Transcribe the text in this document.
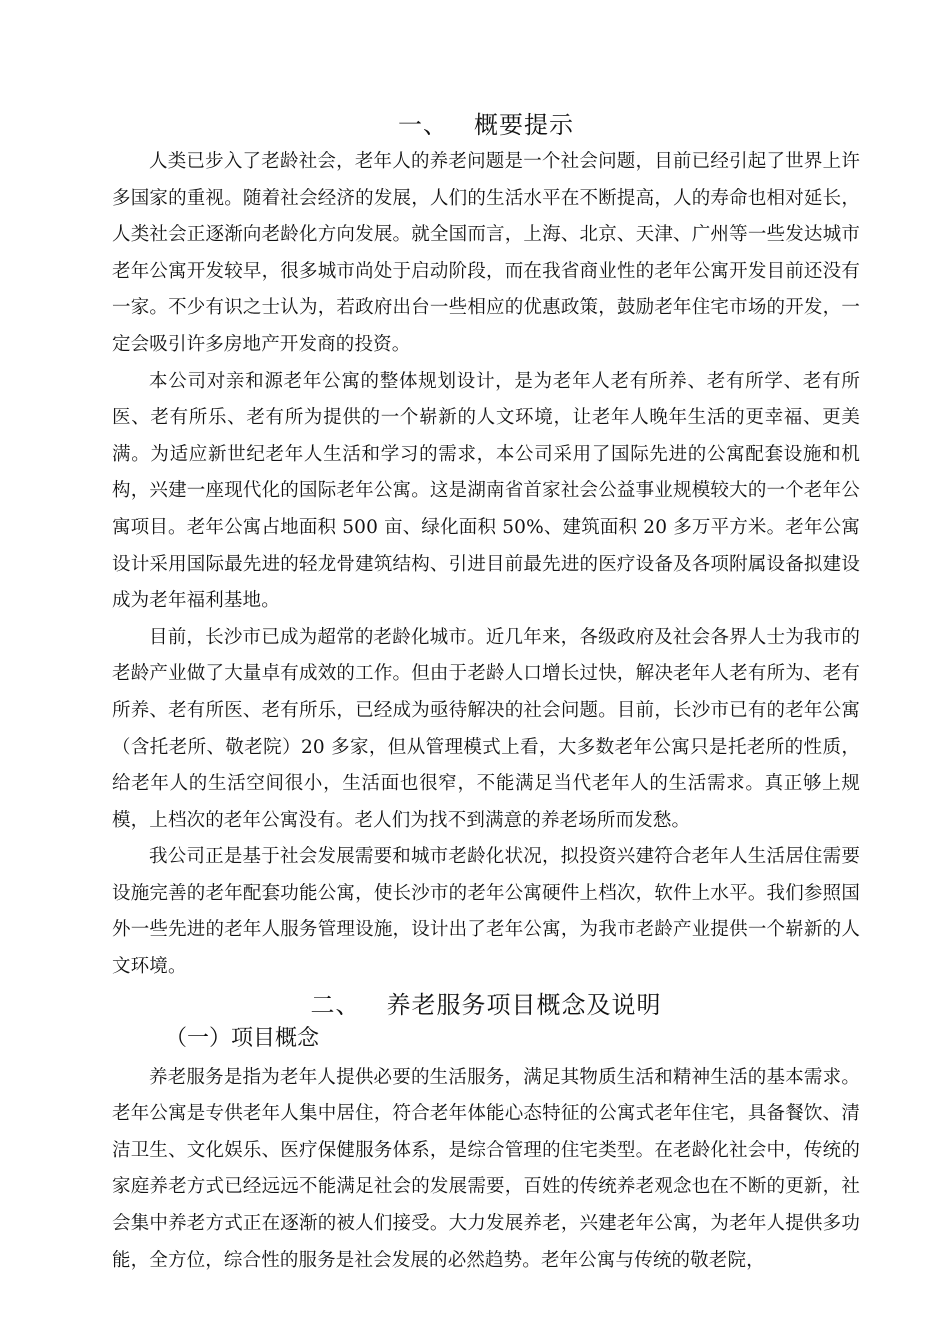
一、 概要提示

人类已步入了老龄社会，老年人的养老问题是一个社会问题，目前已经引起了世界上许多国家的重视。随着社会经济的发展，人们的生活水平在不断提高，人的寿命也相对延长，人类社会正逐渐向老龄化方向发展。就全国而言，上海、北京、天津、广州等一些发达城市老年公寓开发较早，很多城市尚处于启动阶段，而在我省商业性的老年公寓开发目前还没有一家。不少有识之士认为，若政府出台一些相应的优惠政策，鼓励老年住宅市场的开发，一定会吸引许多房地产开发商的投资。

本公司对亲和源老年公寓的整体规划设计，是为老年人老有所养、老有所学、老有所医、老有所乐、老有所为提供的一个崭新的人文环境，让老年人晚年生活的更幸福、更美满。为适应新世纪老年人生活和学习的需求，本公司采用了国际先进的公寓配套设施和机构，兴建一座现代化的国际老年公寓。这是湖南省首家社会公益事业规模较大的一个老年公寓项目。老年公寓占地面积 500 亩、绿化面积 50%、建筑面积 20 多万平方米。老年公寓设计采用国际最先进的轻龙骨建筑结构、引进目前最先进的医疗设备及各项附属设备拟建设成为老年福利基地。

目前，长沙市已成为超常的老龄化城市。近几年来，各级政府及社会各界人士为我市的老龄产业做了大量卓有成效的工作。但由于老龄人口增长过快，解决老年人老有所为、老有所养、老有所医、老有所乐，已经成为亟待解决的社会问题。目前，长沙市已有的老年公寓（含托老所、敬老院）20 多家，但从管理模式上看，大多数老年公寓只是托老所的性质，给老年人的生活空间很小，生活面也很窄，不能满足当代老年人的生活需求。真正够上规模，上档次的老年公寓没有。老人们为找不到满意的养老场所而发愁。

我公司正是基于社会发展需要和城市老龄化状况，拟投资兴建符合老年人生活居住需要设施完善的老年配套功能公寓，使长沙市的老年公寓硬件上档次，软件上水平。我们参照国外一些先进的老年人服务管理设施，设计出了老年公寓，为我市老龄产业提供一个崭新的人文环境。

二、 养老服务项目概念及说明
（一）项目概念

养老服务是指为老年人提供必要的生活服务，满足其物质生活和精神生活的基本需求。老年公寓是专供老年人集中居住，符合老年体能心态特征的公寓式老年住宅，具备餐饮、清洁卫生、文化娱乐、医疗保健服务体系，是综合管理的住宅类型。在老龄化社会中，传统的家庭养老方式已经远远不能满足社会的发展需要，百姓的传统养老观念也在不断的更新，社会集中养老方式正在逐渐的被人们接受。大力发展养老，兴建老年公寓，为老年人提供多功能，全方位，综合性的服务是社会发展的必然趋势。老年公寓与传统的敬老院，
